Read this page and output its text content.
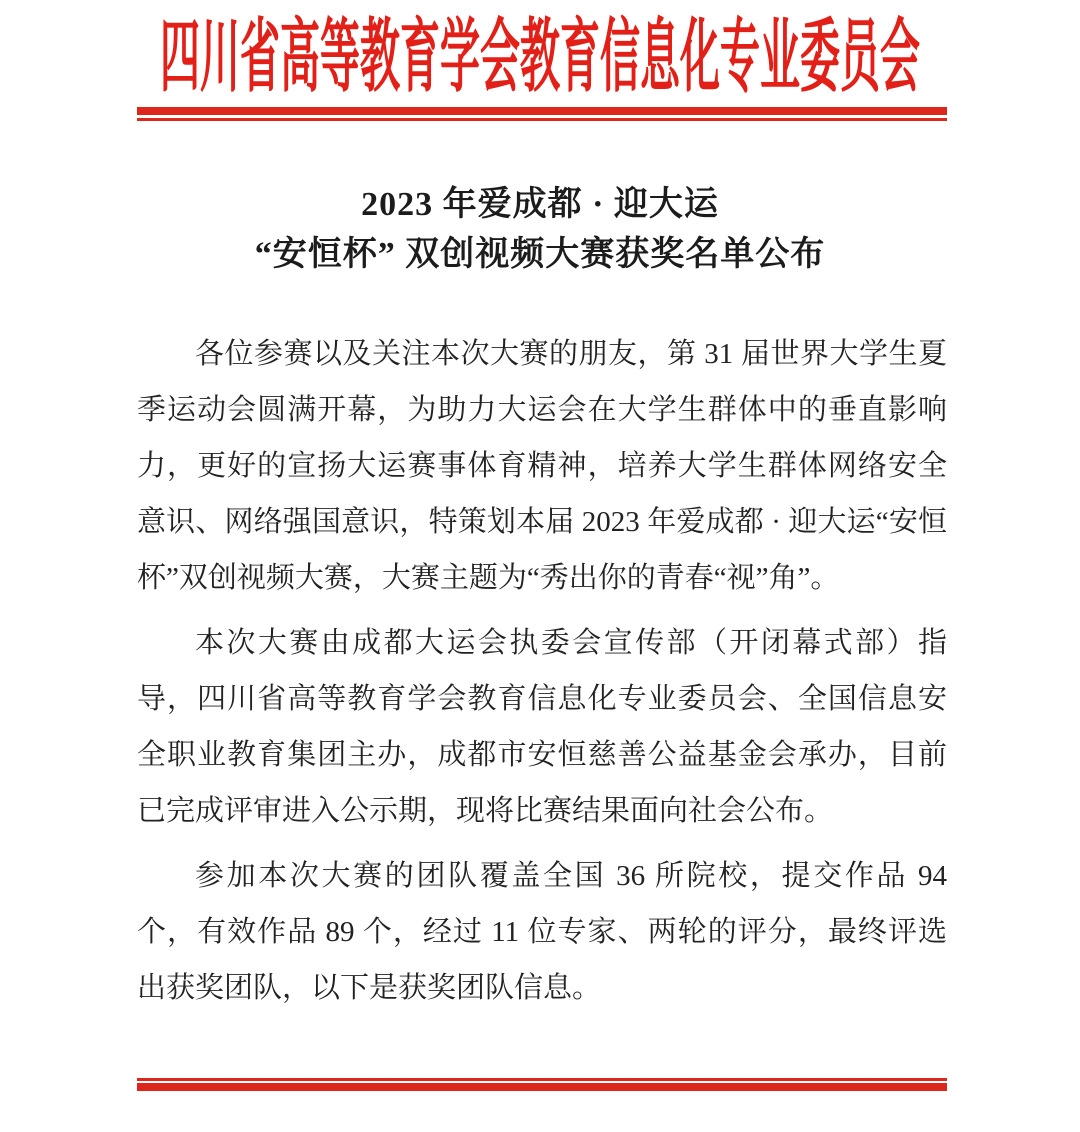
四川省高等教育学会教育信息化专业委员会
2023 年爱成都 · 迎大运
“安恒杯” 双创视频大赛获奖名单公布

各位参赛以及关注本次大赛的朋友，第 31 届世界大学生夏季运动会圆满开幕，为助力大运会在大学生群体中的垂直影响力，更好的宣扬大运赛事体育精神，培养大学生群体网络安全意识、网络强国意识，特策划本届 2023 年爱成都 · 迎大运“安恒杯”双创视频大赛，大赛主题为“秀出你的青春“视”角”。

本次大赛由成都大运会执委会宣传部（开闭幕式部）指导，四川省高等教育学会教育信息化专业委员会、全国信息安全职业教育集团主办，成都市安恒慈善公益基金会承办，目前已完成评审进入公示期，现将比赛结果面向社会公布。

参加本次大赛的团队覆盖全国 36 所院校，提交作品 94 个，有效作品 89 个，经过 11 位专家、两轮的评分，最终评选出获奖团队，以下是获奖团队信息。
